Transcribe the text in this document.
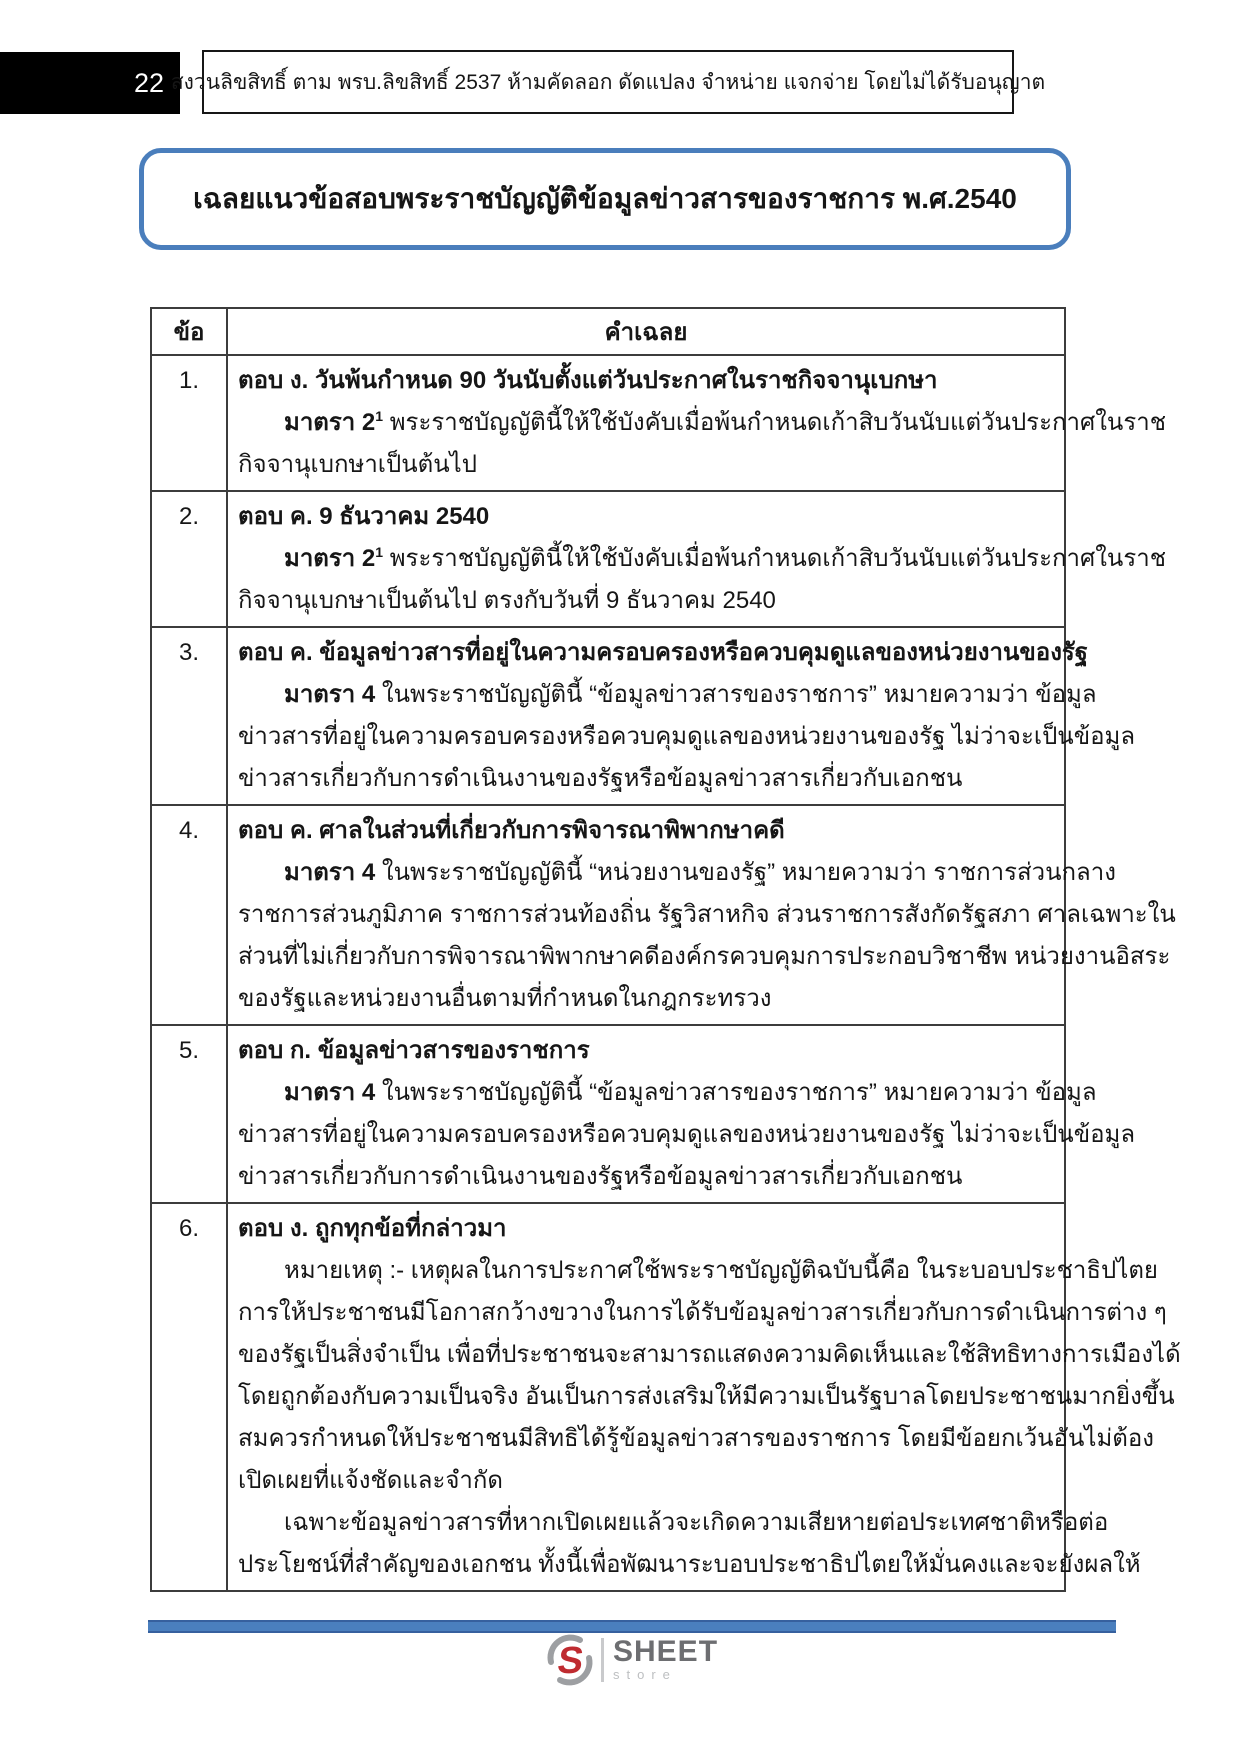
22 สงวนลิขสิทธิ์ ตาม พรบ.ลิขสิทธิ์ 2537 ห้ามคัดลอก ดัดแปลง จำหน่าย แจกจ่าย โดยไม่ได้รับอนุญาต
เฉลยแนวข้อสอบพระราชบัญญัติข้อมูลข่าวสารของราชการ พ.ศ.2540
ข้อ	คำเฉลย
1.	ตอบ ง. วันพ้นกำหนด 90 วันนับตั้งแต่วันประกาศในราชกิจจานุเบกษา
มาตรา $2^1$ พระราชบัญญัตินี้ให้ใช้บังคับเมื่อพ้นกำหนดเก้าสิบวันนับแต่วันประกาศในราช
กิจจานุเบกษาเป็นต้นไป

2.	ตอบ ค. 9 ธันวาคม 2540
มาตรา $2^1$ พระราชบัญญัตินี้ให้ใช้บังคับเมื่อพ้นกำหนดเก้าสิบวันนับแต่วันประกาศในราช
กิจจานุเบกษาเป็นต้นไป ตรงกับวันที่ 9 ธันวาคม 2540

3.	ตอบ ค. ข้อมูลข่าวสารที่อยู่ในความครอบครองหรือควบคุมดูแลของหน่วยงานของรัฐ
มาตรา 4 ในพระราชบัญญัตินี้ “ข้อมูลข่าวสารของราชการ” หมายความว่า ข้อมูล
ข่าวสารที่อยู่ในความครอบครองหรือควบคุมดูแลของหน่วยงานของรัฐ ไม่ว่าจะเป็นข้อมูล
ข่าวสารเกี่ยวกับการดำเนินงานของรัฐหรือข้อมูลข่าวสารเกี่ยวกับเอกชน

4.	ตอบ ค. ศาลในส่วนที่เกี่ยวกับการพิจารณาพิพากษาคดี
มาตรา 4 ในพระราชบัญญัตินี้ “หน่วยงานของรัฐ” หมายความว่า ราชการส่วนกลาง
ราชการส่วนภูมิภาค ราชการส่วนท้องถิ่น รัฐวิสาหกิจ ส่วนราชการสังกัดรัฐสภา ศาลเฉพาะใน
ส่วนที่ไม่เกี่ยวกับการพิจารณาพิพากษาคดีองค์กรควบคุมการประกอบวิชาชีพ หน่วยงานอิสระ
ของรัฐและหน่วยงานอื่นตามที่กำหนดในกฎกระทรวง

5.	ตอบ ก. ข้อมูลข่าวสารของราชการ
มาตรา 4 ในพระราชบัญญัตินี้ “ข้อมูลข่าวสารของราชการ” หมายความว่า ข้อมูล
ข่าวสารที่อยู่ในความครอบครองหรือควบคุมดูแลของหน่วยงานของรัฐ ไม่ว่าจะเป็นข้อมูล
ข่าวสารเกี่ยวกับการดำเนินงานของรัฐหรือข้อมูลข่าวสารเกี่ยวกับเอกชน

6.	ตอบ ง. ถูกทุกข้อที่กล่าวมา
หมายเหตุ :- เหตุผลในการประกาศใช้พระราชบัญญัติฉบับนี้คือ ในระบอบประชาธิปไตย
การให้ประชาชนมีโอกาสกว้างขวางในการได้รับข้อมูลข่าวสารเกี่ยวกับการดำเนินการต่าง ๆ
ของรัฐเป็นสิ่งจำเป็น เพื่อที่ประชาชนจะสามารถแสดงความคิดเห็นและใช้สิทธิทางการเมืองได้
โดยถูกต้องกับความเป็นจริง อันเป็นการส่งเสริมให้มีความเป็นรัฐบาลโดยประชาชนมากยิ่งขึ้น
สมควรกำหนดให้ประชาชนมีสิทธิได้รู้ข้อมูลข่าวสารของราชการ โดยมีข้อยกเว้นอันไม่ต้อง
เปิดเผยที่แจ้งชัดและจำกัด
เฉพาะข้อมูลข่าวสารที่หากเปิดเผยแล้วจะเกิดความเสียหายต่อประเทศชาติหรือต่อ
ประโยชน์ที่สำคัญของเอกชน ทั้งนี้เพื่อพัฒนาระบอบประชาธิปไตยให้มั่นคงและจะยังผลให้
S SHEET
store
